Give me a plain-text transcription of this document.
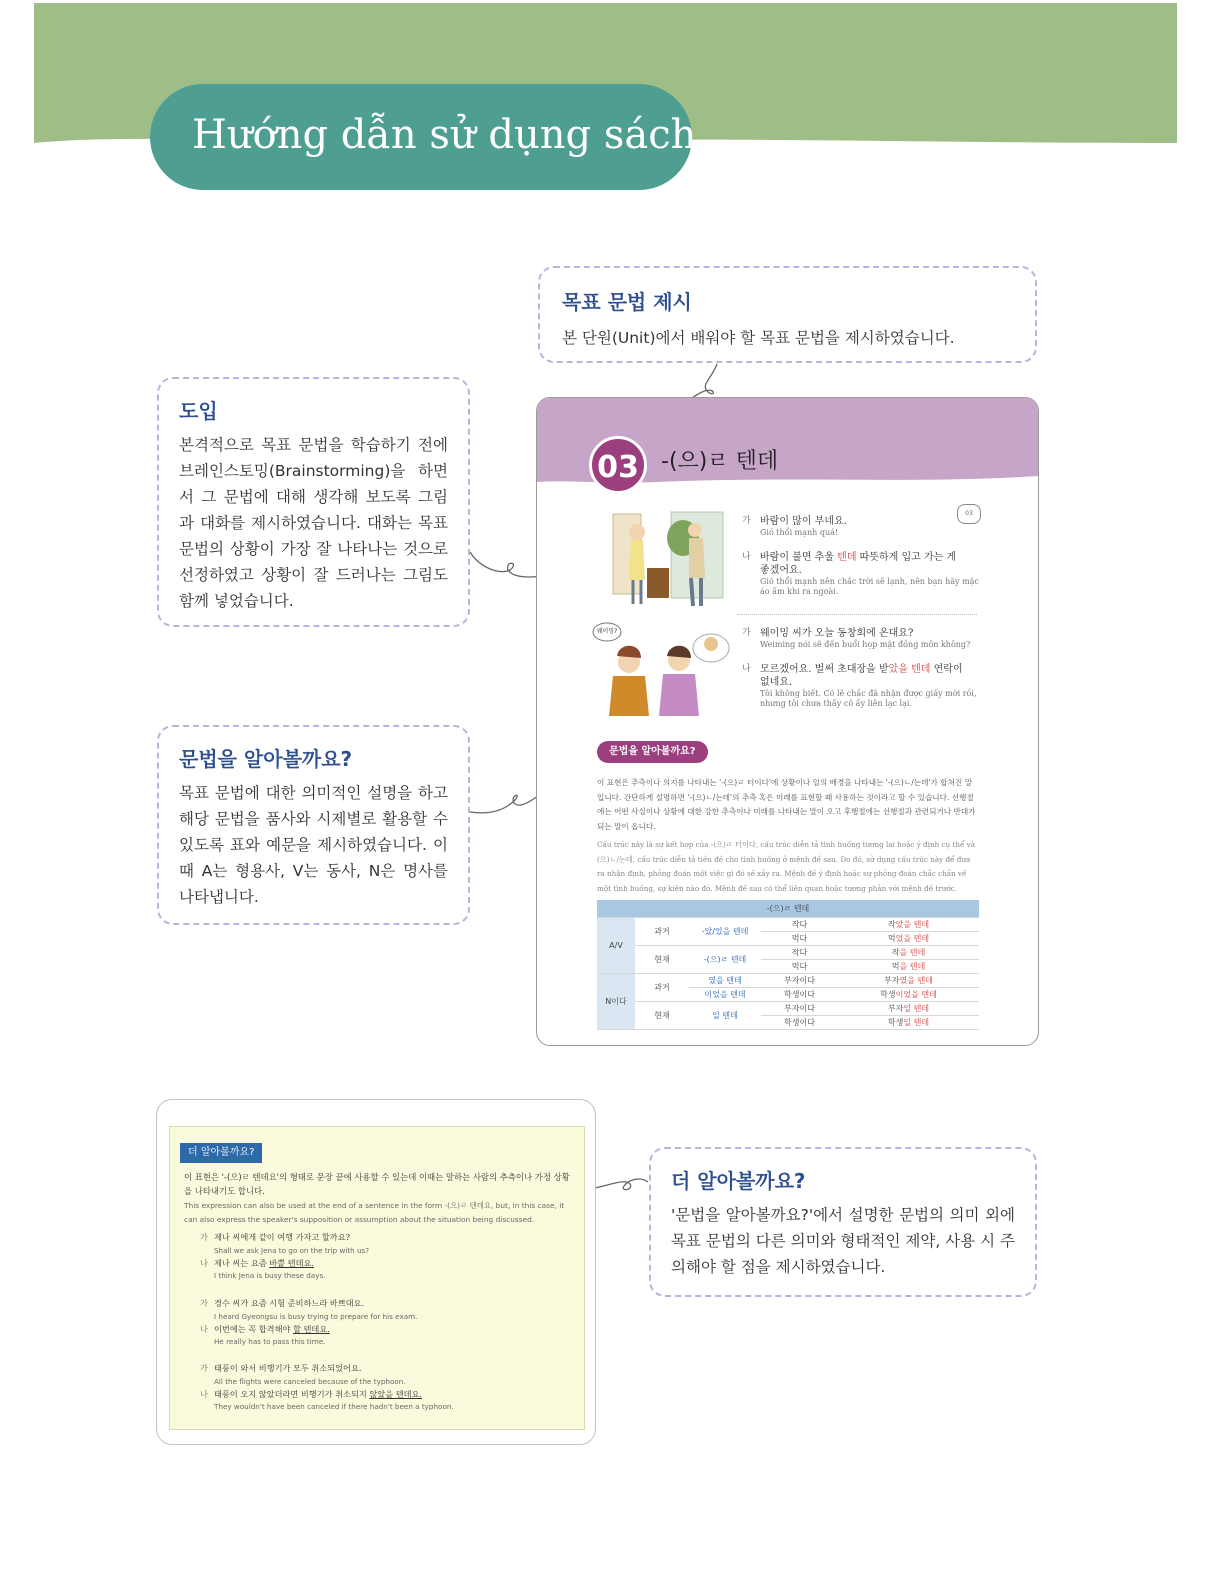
Hướng dẫn sử dụng sách
목표 문법 제시

본 단원(Unit)에서 배워야 할 목표 문법을 제시하였습니다.

도입

본격적으로 목표 문법을 학습하기 전에 브레인스토밍(Brainstorming)을 하면서 그 문법에 대해 생각해 보도록 그림과 대화를 제시하였습니다. 대화는 목표 문법의 상황이 가장 잘 나타나는 것으로 선정하였고 상황이 잘 드러나는 그림도 함께 넣었습니다.

문법을 알아볼까요?

목표 문법에 대한 의미적인 설명을 하고 해당 문법을 품사와 시제별로 활용할 수 있도록 표와 예문을 제시하였습니다. 이때 A는 형용사, V는 동사, N은 명사를 나타냅니다.

더 알아볼까요?

'문법을 알아볼까요?'에서 설명한 문법의 의미 외에 목표 문법의 다른 의미와 형태적인 제약, 사용 시 주의해야 할 점을 제시하였습니다.

03	-(으)ㄹ 텐데
03
가 바람이 많이 부네요.
Gió thổi mạnh quá!
나 바람이 불면 추울 텐데 따뜻하게 입고 가는 게
좋겠어요.
Gió thổi mạnh nên chắc trời sẽ lạnh, nên bạn hãy mặc áo ấm khi ra ngoài.
웨이밍?	가 웨이밍 씨가 오늘 동창회에 온대요?
Weiming nói sẽ đến buổi họp mặt đồng môn không?
나 모르겠어요. 벌써 초대장을 받았을 텐데 연락이
없네요.
Tôi không biết. Có lẽ chắc đã nhận được giấy mời rồi, nhưng tôi chưa thấy cô ấy liên lạc lại.
문법을 알아볼까요?
이 표현은 추측이나 의지를 나타내는 '-(으)ㄹ 터이다'에 상황이나 일의 배경을 나타내는 '-(으)ㄴ/는데'가 합쳐진 말입니다. 간단하게 설명하면 '-(으)ㄴ/는데'의 추측 혹은 미래를 표현할 때 사용하는 것이라고 할 수 있습니다. 선행절에는 어떤 사실이나 상황에 대한 강한 추측이나 미래를 나타내는 말이 오고 후행절에는 선행절과 관련되거나 반대가 되는 말이 옵니다.
Cấu trúc này là sự kết hợp của -(으)ㄹ 터이다, cấu trúc diễn tả tình huống tương lai hoặc ý định cụ thể và (으)ㄴ/는데, cấu trúc diễn tả tiền đề cho tình huống ở mệnh đề sau. Do đó, sử dụng cấu trúc này để đưa ra nhận định, phỏng đoán một việc gì đó sẽ xảy ra. Mệnh đề ý định hoặc sự phỏng đoán chắc chắn về một tình huống, sự kiện nào đó. Mệnh đề sau có thể liên quan hoặc tương phản với mệnh đề trước.
-(으)ㄹ 텐데				
A/V	과거	-았/었을 텐데	작다	작았을 텐데
			먹다	먹었을 텐데
	현재	-(으)ㄹ 텐데	작다	작을 텐데
			먹다	먹을 텐데
N이다	과거	였을 텐데	부자이다	부자였을 텐데
		이었을 텐데	학생이다	학생이었을 텐데
	현재	일 텐데	부자이다	부자일 텐데
			학생이다	학생일 텐데
더 알아볼까요?
이 표현은 '-(으)ㄹ 텐데요'의 형태로 문장 끝에 사용할 수 있는데 이때는 말하는 사람의 추측이나 가정 상황을 나타내기도 합니다.
This expression can also be used at the end of a sentence in the form -(으)ㄹ 텐데요, but, in this case, it can also express the speaker's supposition or assumption about the situation being discussed.
가 제나 씨에게 같이 여행 가자고 할까요?
Shall we ask Jena to go on the trip with us?
나 제나 씨는 요즘 바쁠 텐데요.
I think Jena is busy these days.
가 경수 씨가 요즘 시험 준비하느라 바쁘대요.
I heard Gyeongsu is busy trying to prepare for his exam.
나 이번에는 꼭 합격해야 할 텐데요.
He really has to pass this time.
가 태풍이 와서 비행기가 모두 취소되었어요.
All the flights were canceled because of the typhoon.
나 태풍이 오지 않았더라면 비행기가 취소되지 않았을 텐데요.
They wouldn't have been canceled if there hadn't been a typhoon.
